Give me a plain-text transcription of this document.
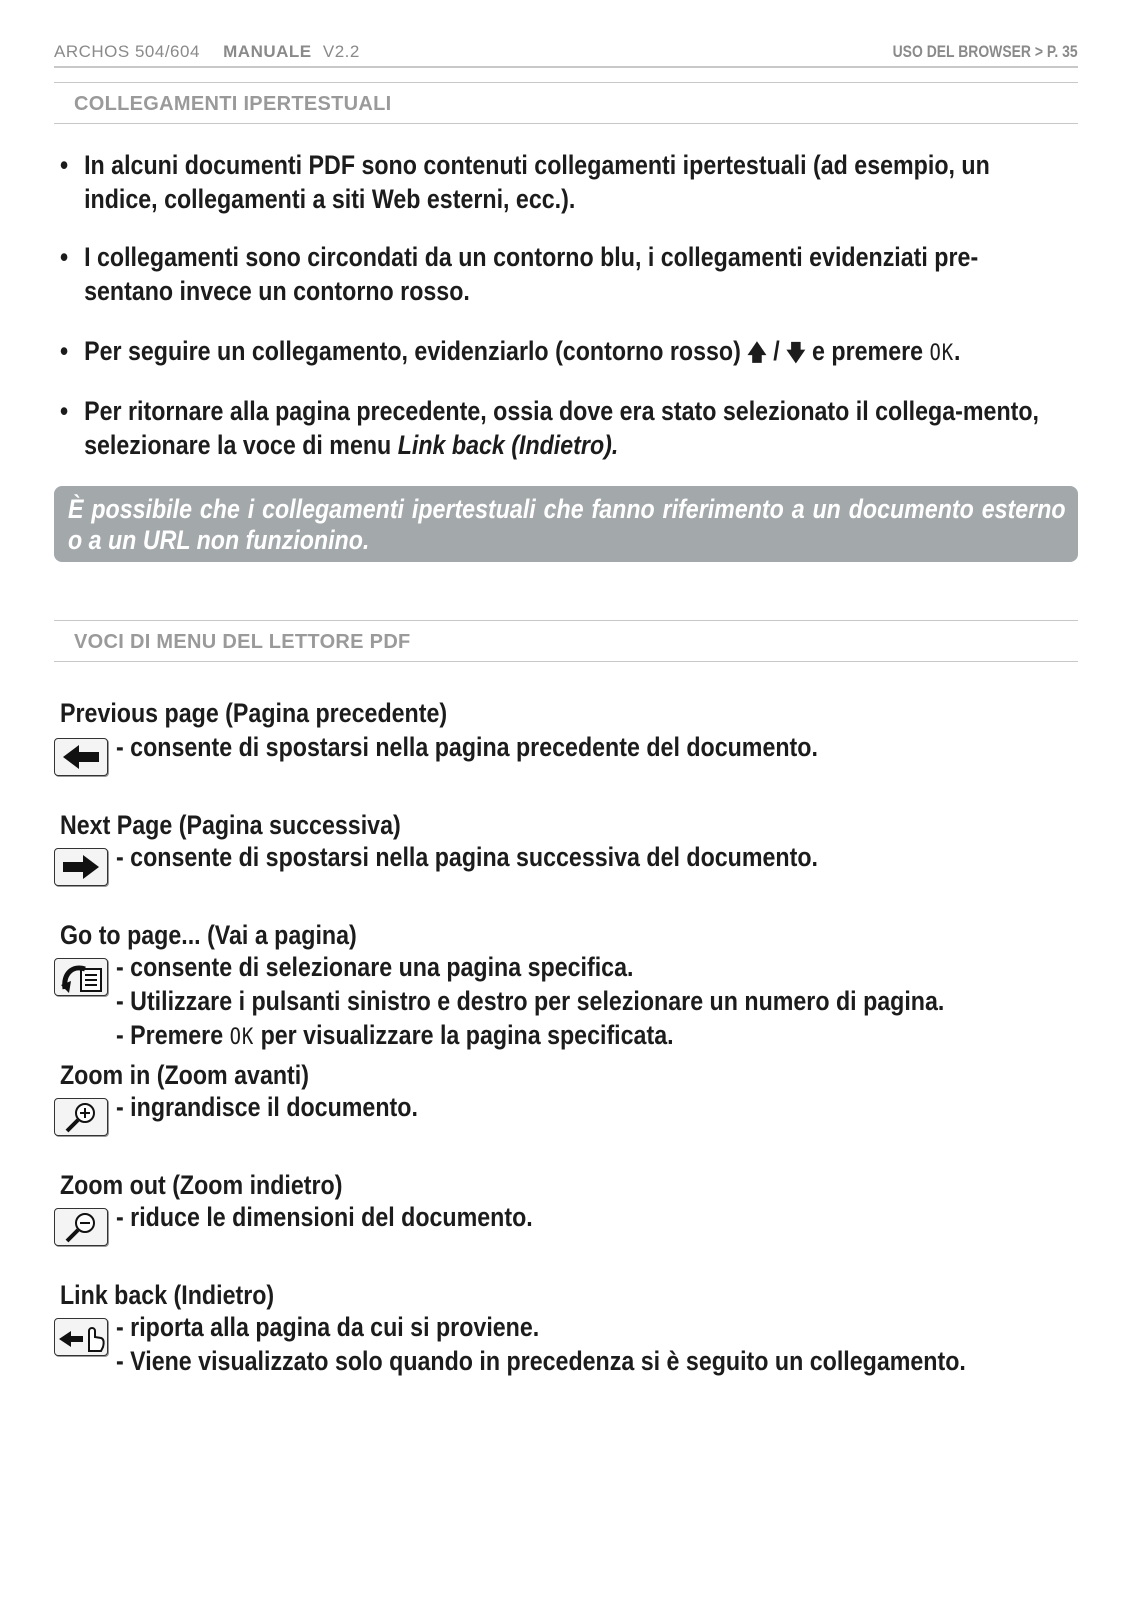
ARCHOS 504/604 MANUALE V2.2	USO DEL BROWSER > P. 35
COLLEGAMENTI IPERTESTUALI
• In alcuni documenti PDF sono contenuti collegamenti ipertestuali (ad esempio, un indice, collegamenti a siti Web esterni, ecc.).
• I collegamenti sono circondati da un contorno blu, i collegamenti evidenziati pre-sentano invece un contorno rosso.
• Per seguire un collegamento, evidenziarlo (contorno rosso) 🡅 / 🡇 e premere OK.
• Per ritornare alla pagina precedente, ossia dove era stato selezionato il collega-mento, selezionare la voce di menu Link back (Indietro).
È possibile che i collegamenti ipertestuali che fanno riferimento a un documento esterno o a un URL non funzionino.
VOCI DI MENU DEL LETTORE PDF
Previous page (Pagina precedente)
- consente di spostarsi nella pagina precedente del documento.
Next Page (Pagina successiva)
- consente di spostarsi nella pagina successiva del documento.
Go to page... (Vai a pagina)
- consente di selezionare una pagina specifica.
- Utilizzare i pulsanti sinistro e destro per selezionare un numero di pagina.
- Premere OK per visualizzare la pagina specificata.
Zoom in (Zoom avanti)
- ingrandisce il documento.
Zoom out (Zoom indietro)
- riduce le dimensioni del documento.
Link back (Indietro)
- riporta alla pagina da cui si proviene.
- Viene visualizzato solo quando in precedenza si è seguito un collegamento.
